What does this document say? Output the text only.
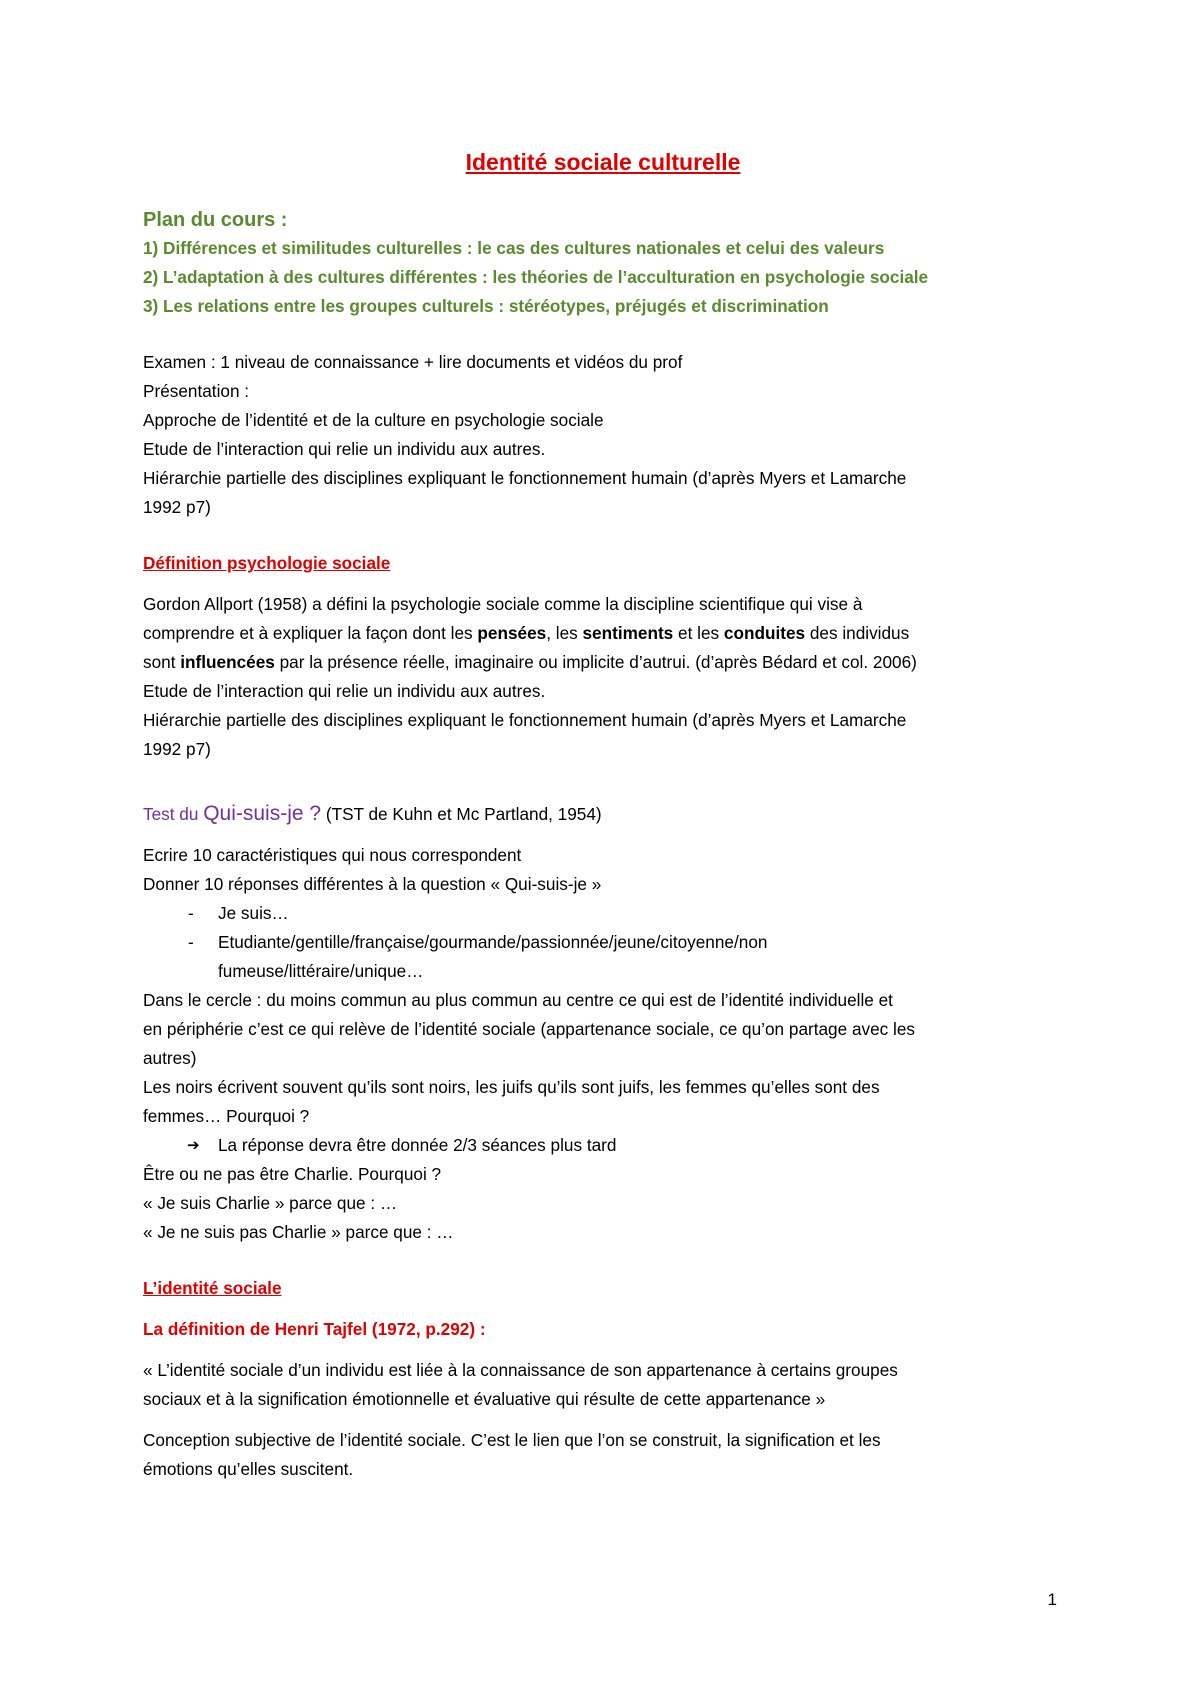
Identité sociale culturelle
Plan du cours :
1) Différences et similitudes culturelles : le cas des cultures nationales et celui des valeurs
2) L’adaptation à des cultures différentes : les théories de l’acculturation en psychologie sociale
3) Les relations entre les groupes culturels : stéréotypes, préjugés et discrimination
Examen : 1 niveau de connaissance + lire documents et vidéos du prof
Présentation :
Approche de l’identité et de la culture en psychologie sociale
Etude de l’interaction qui relie un individu aux autres.
Hiérarchie partielle des disciplines expliquant le fonctionnement humain (d’après Myers et Lamarche
1992 p7)
Définition psychologie sociale
Gordon Allport (1958) a défini la psychologie sociale comme la discipline scientifique qui vise à
comprendre et à expliquer la façon dont les pensées, les sentiments et les conduites des individus
sont influencées par la présence réelle, imaginaire ou implicite d’autrui. (d’après Bédard et col. 2006)
Etude de l’interaction qui relie un individu aux autres.
Hiérarchie partielle des disciplines expliquant le fonctionnement humain (d’après Myers et Lamarche
1992 p7)
Test du Qui-suis-je ? (TST de Kuhn et Mc Partland, 1954)
Ecrire 10 caractéristiques qui nous correspondent
Donner 10 réponses différentes à la question « Qui-suis-je »
- Je suis…
- Etudiante/gentille/française/gourmande/passionnée/jeune/citoyenne/non
fumeuse/littéraire/unique…
Dans le cercle : du moins commun au plus commun au centre ce qui est de l’identité individuelle et
en périphérie c’est ce qui relève de l’identité sociale (appartenance sociale, ce qu’on partage avec les
autres)
Les noirs écrivent souvent qu’ils sont noirs, les juifs qu’ils sont juifs, les femmes qu’elles sont des
femmes… Pourquoi ?
➔ La réponse devra être donnée 2/3 séances plus tard
Être ou ne pas être Charlie. Pourquoi ?
« Je suis Charlie » parce que : …
« Je ne suis pas Charlie » parce que : …
L’identité sociale
La définition de Henri Tajfel (1972, p.292) :
« L’identité sociale d’un individu est liée à la connaissance de son appartenance à certains groupes
sociaux et à la signification émotionnelle et évaluative qui résulte de cette appartenance »
Conception subjective de l’identité sociale. C’est le lien que l’on se construit, la signification et les
émotions qu’elles suscitent.
1
